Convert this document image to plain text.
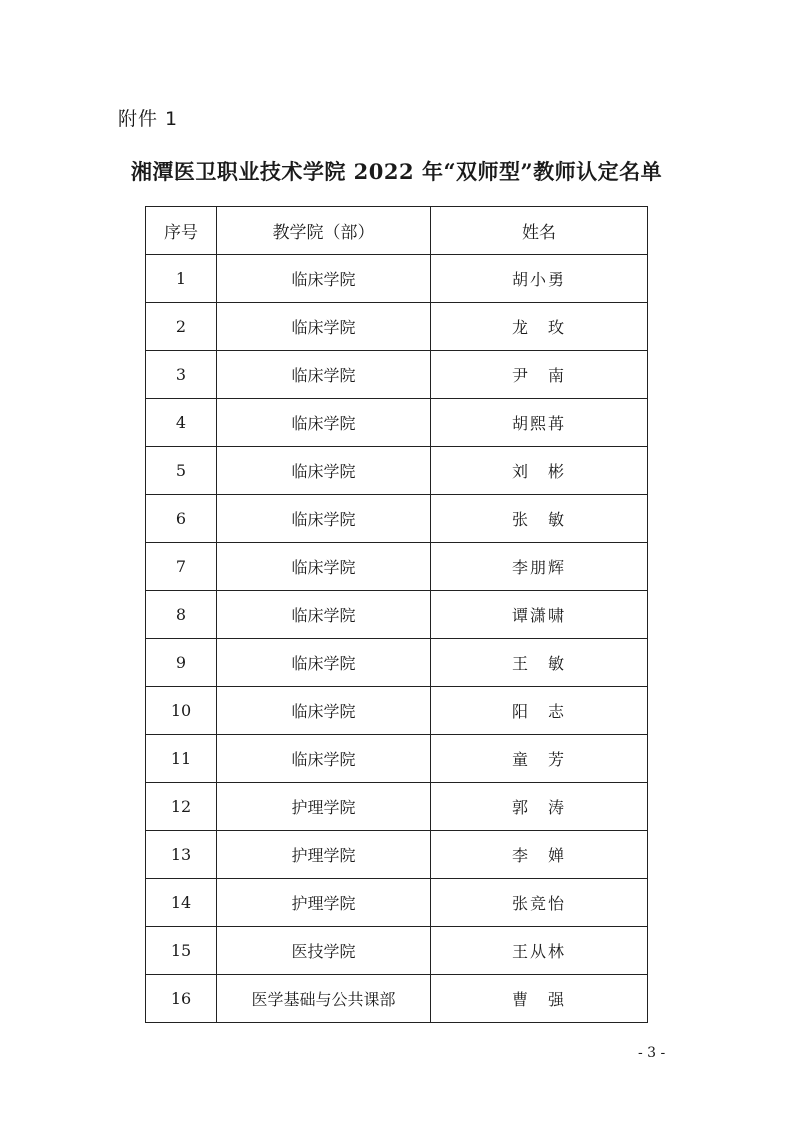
附件 1
湘潭医卫职业技术学院 2022 年“双师型”教师认定名单
序号	教学院（部）	姓名
1	临床学院	胡小勇
2	临床学院	龙　玫
3	临床学院	尹　南
4	临床学院	胡熙苒
5	临床学院	刘　彬
6	临床学院	张　敏
7	临床学院	李朋辉
8	临床学院	谭潇啸
9	临床学院	王　敏
10	临床学院	阳　志
11	临床学院	童　芳
12	护理学院	郭　涛
13	护理学院	李　婵
14	护理学院	张竞怡
15	医技学院	王从林
16	医学基础与公共课部	曹　强
- 3 -
